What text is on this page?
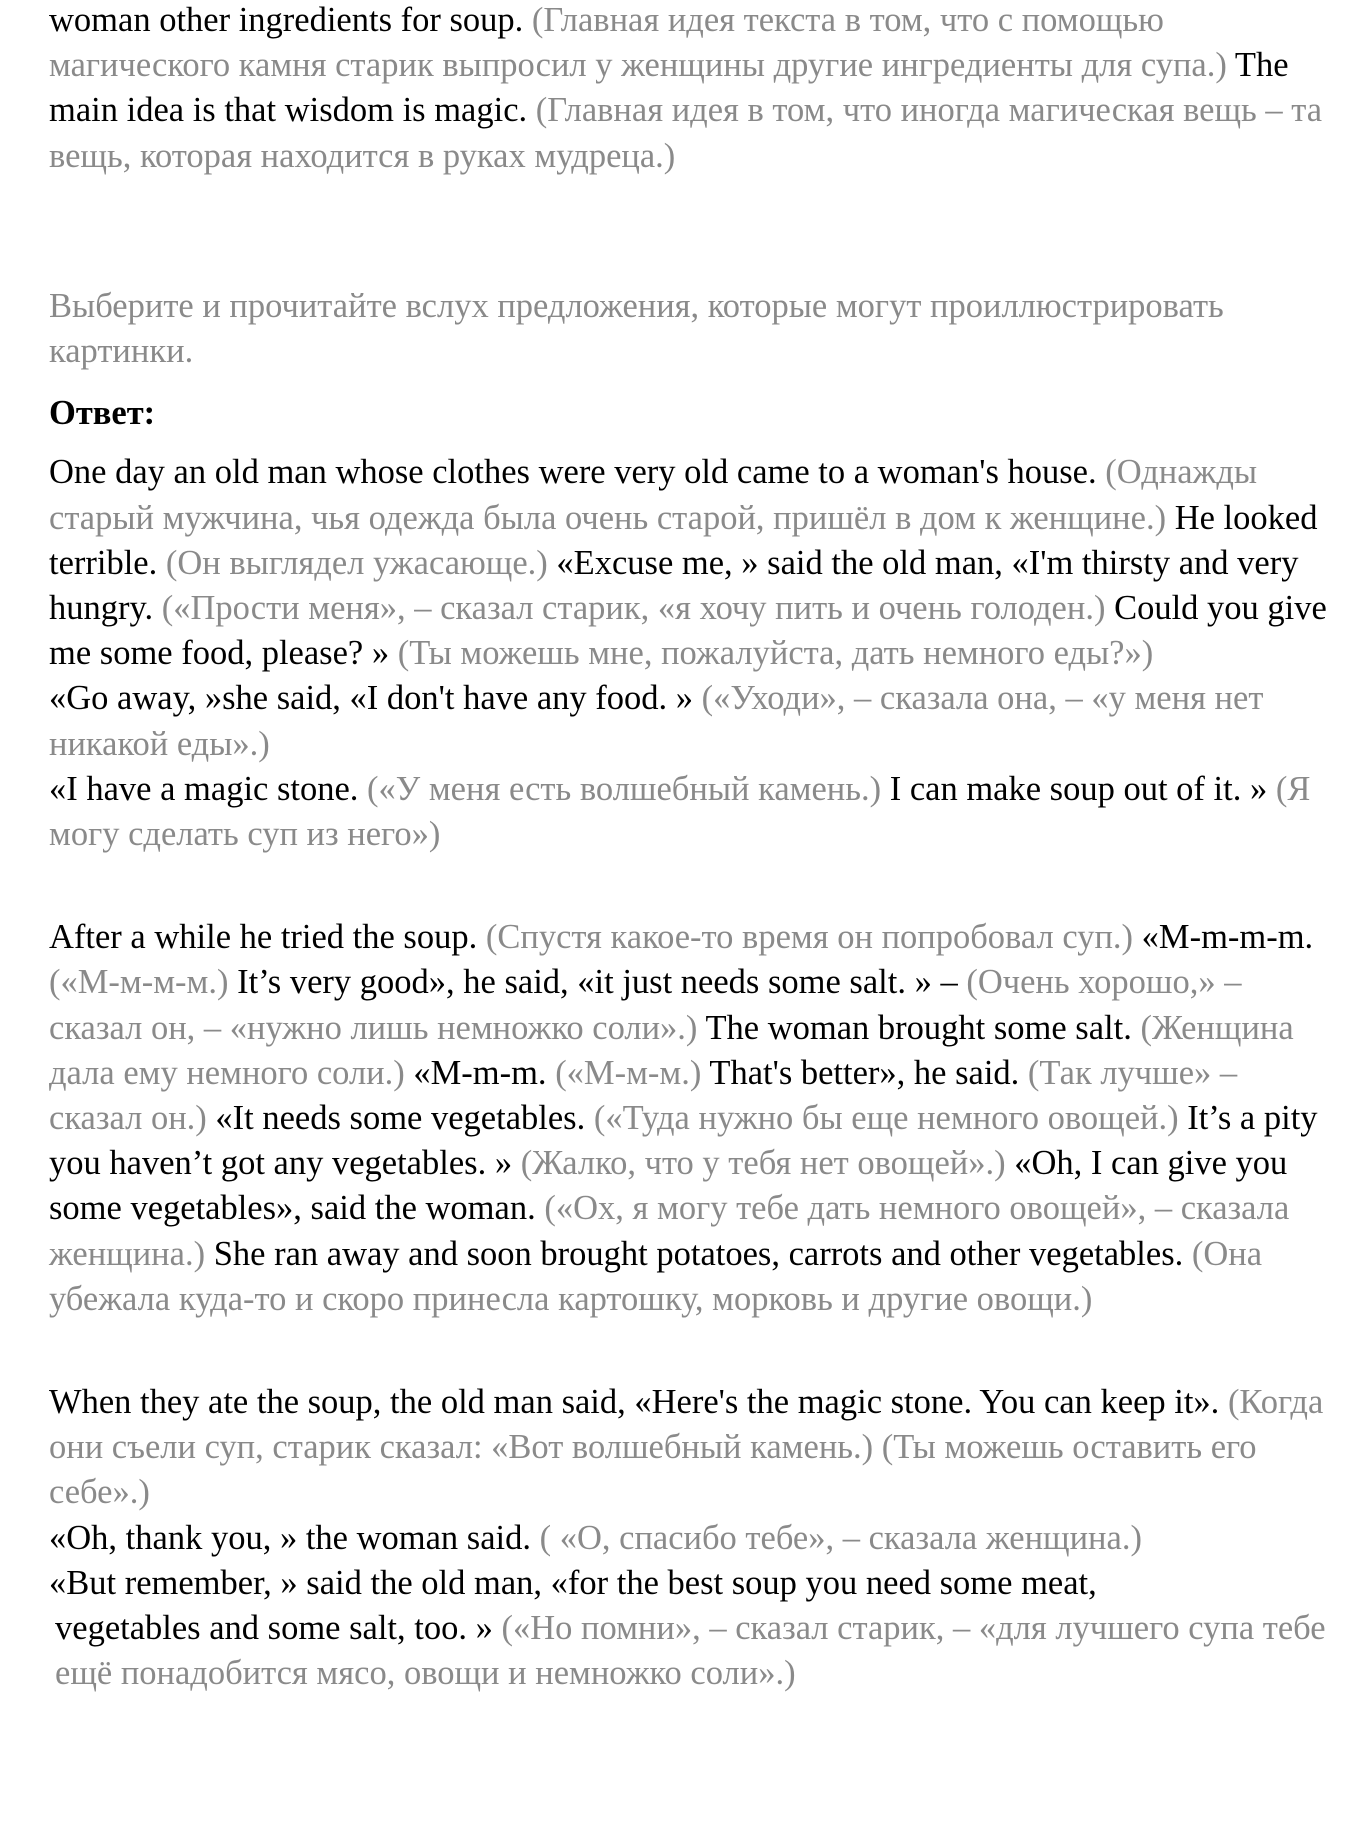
woman other ingredients for soup. (Главная идея текста в том, что с помощью магического камня старик выпросил у женщины другие ингредиенты для супа.) The main idea is that wisdom is magic. (Главная идея в том, что иногда магическая вещь – та вещь, которая находится в руках мудреца.)

Выберите и прочитайте вслух предложения, которые могут проиллюстрировать картинки.

Ответ:

One day an old man whose clothes were very old came to a woman's house. (Однажды старый мужчина, чья одежда была очень старой, пришёл в дом к женщине.) He looked terrible. (Он выглядел ужасающе.) «Excuse me, » said the old man, «I'm thirsty and very hungry. («Прости меня», – сказал старик, «я хочу пить и очень голоден.) Could you give me some food, please? » (Ты можешь мне, пожалуйста, дать немного еды?»)

«Go away, »she said, «I don't have any food. » («Уходи», – сказала она, – «у меня нет никакой еды».)

«I have a magic stone. («У меня есть волшебный камень.) I can make soup out of it. » (Я могу сделать суп из него»)

After a while he tried the soup. (Спустя какое-то время он попробовал суп.) «M-m-m-m. («М-м-м-м.) It’s very good», he said, «it just needs some salt. » – (Очень хорошо,» – сказал он, – «нужно лишь немножко соли».) The woman brought some salt. (Женщина дала ему немного соли.) «M-m-m. («М-м-м.) That's better», he said. (Так лучше» – сказал он.) «It needs some vegetables. («Туда нужно бы еще немного овощей.) It’s a pity you haven’t got any vegetables. » (Жалко, что у тебя нет овощей».) «Oh, I can give you some vegetables», said the woman. («Ох, я могу тебе дать немного овощей», – сказала женщина.) She ran away and soon brought potatoes, carrots and other vegetables. (Она убежала куда-то и скоро принесла картошку, морковь и другие овощи.)

When they ate the soup, the old man said, «Here's the magic stone. You can keep it». (Когда они съели суп, старик сказал: «Вот волшебный камень.) (Ты можешь оставить его себе».)

«Oh, thank you, » the woman said. ( «О, спасибо тебе», – сказала женщина.)

«But remember, » said the old man, «for the best soup you need some meat,

vegetables and some salt, too. » («Но помни», – сказал старик, – «для лучшего супа тебе ещё понадобится мясо, овощи и немножко соли».)
